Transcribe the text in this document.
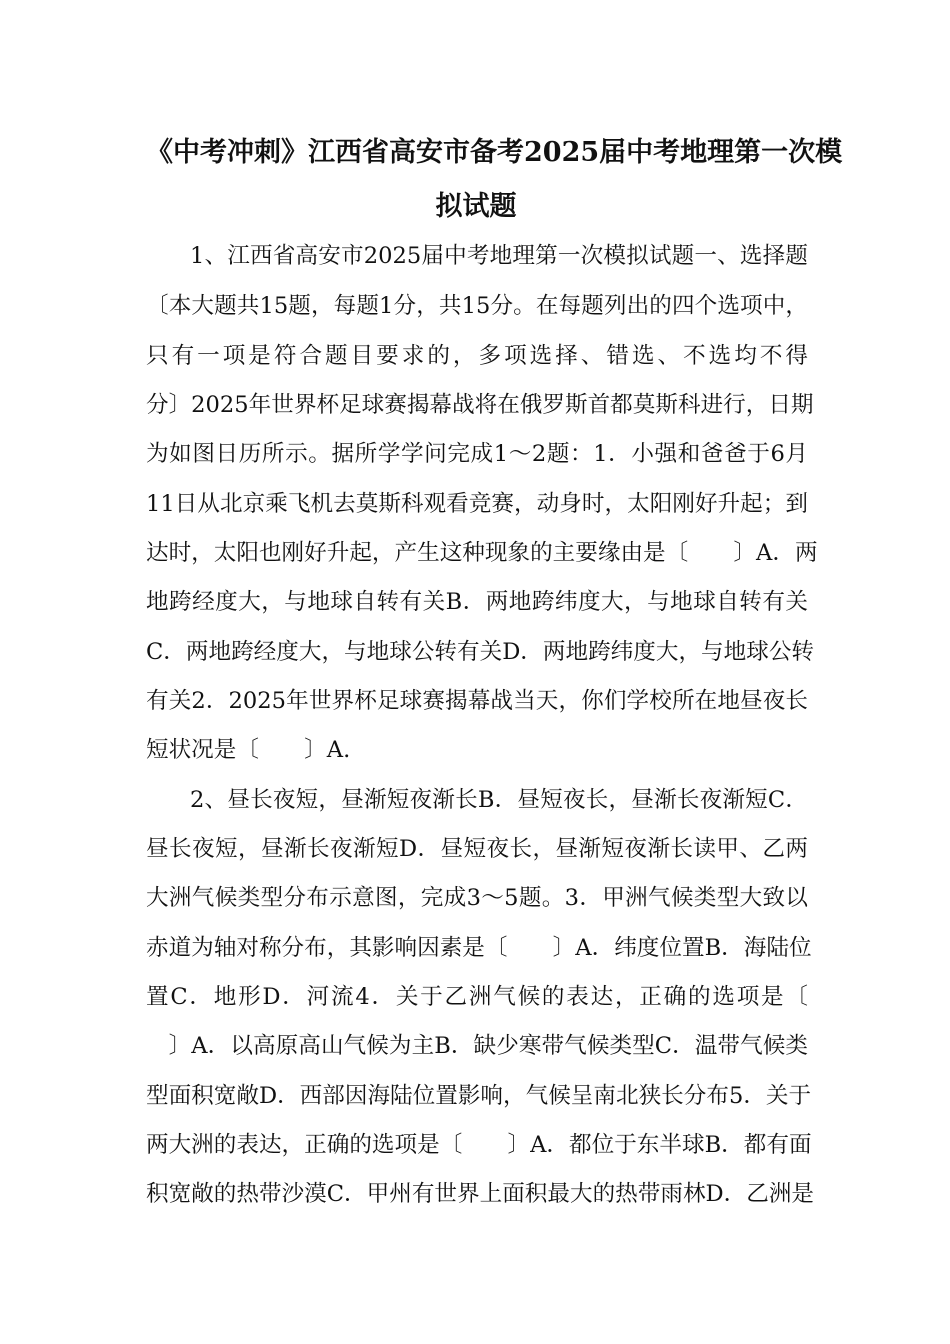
《中考冲刺》江西省高安市备考2025届中考地理第一次模
拟试题
1、江西省高安市2025届中考地理第一次模拟试题一、选择题
〔本大题共15题，每题1分，共15分。在每题列出的四个选项中，
只有一项是符合题目要求的，多项选择、错选、不选均不得
分〕2025年世界杯足球赛揭幕战将在俄罗斯首都莫斯科进行，日期
为如图日历所示。据所学学问完成1～2题：1．小强和爸爸于6月
11日从北京乘飞机去莫斯科观看竞赛，动身时，太阳刚好升起；到
达时，太阳也刚好升起，产生这种现象的主要缘由是〔　　〕A．两
地跨经度大，与地球自转有关B．两地跨纬度大，与地球自转有关
C．两地跨经度大，与地球公转有关D．两地跨纬度大，与地球公转
有关2．2025年世界杯足球赛揭幕战当天，你们学校所在地昼夜长
短状况是〔　　〕A.
2、昼长夜短，昼渐短夜渐长B．昼短夜长，昼渐长夜渐短C．
昼长夜短，昼渐长夜渐短D．昼短夜长，昼渐短夜渐长读甲、乙两
大洲气候类型分布示意图，完成3～5题。3．甲洲气候类型大致以
赤道为轴对称分布，其影响因素是〔　　〕A．纬度位置B．海陆位
置C．地形D．河流4．关于乙洲气候的表达，正确的选项是〔
　〕A．以高原高山气候为主B．缺少寒带气候类型C．温带气候类
型面积宽敞D．西部因海陆位置影响，气候呈南北狭长分布5．关于
两大洲的表达，正确的选项是〔　　〕A．都位于东半球B．都有面
积宽敞的热带沙漠C．甲州有世界上面积最大的热带雨林D．乙洲是
